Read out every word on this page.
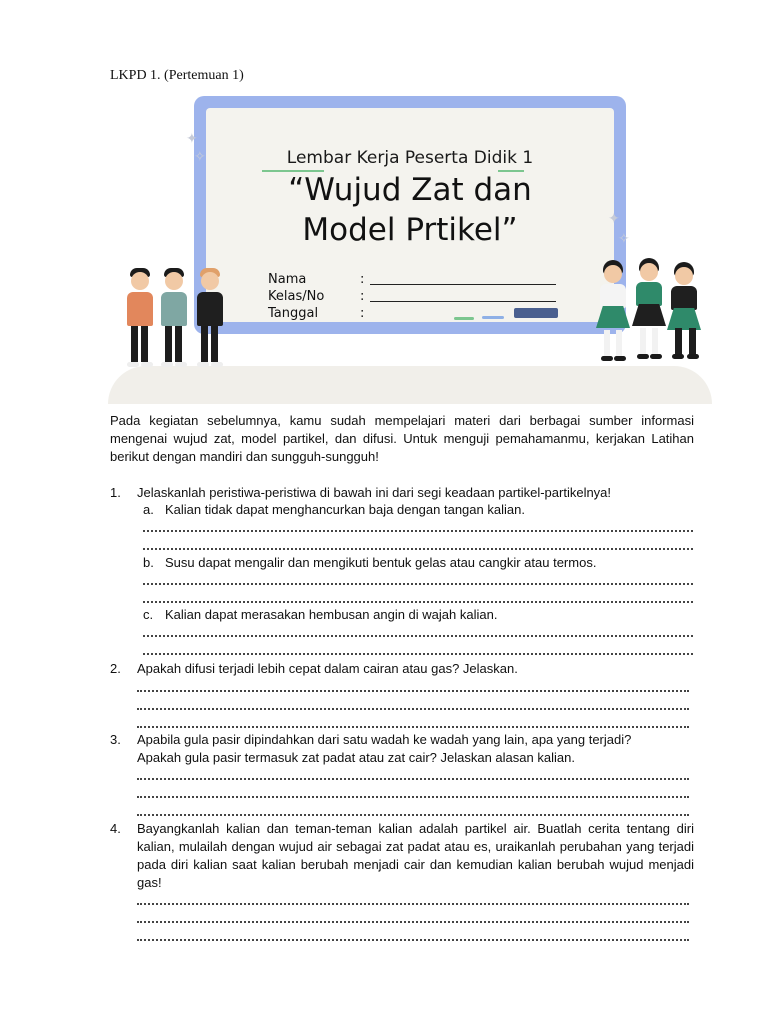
LKPD 1. (Pertemuan 1)
Lembar Kerja Peserta Didik 1
“Wujud Zat dan
Model Prtikel”
Nama	:
Kelas/No	:
Tanggal	:
✦
✧
✦
✧
Pada kegiatan sebelumnya, kamu sudah mempelajari materi dari berbagai sumber informasi mengenai wujud zat, model partikel, dan difusi. Untuk menguji pemahamanmu, kerjakan Latihan berikut dengan mandiri dan sungguh-sungguh!
1. Jelaskanlah peristiwa-peristiwa di bawah ini dari segi keadaan partikel-partikelnya!
a. Kalian tidak dapat menghancurkan baja dengan tangan kalian.
b. Susu dapat mengalir dan mengikuti bentuk gelas atau cangkir atau termos.
c. Kalian dapat merasakan hembusan angin di wajah kalian.
2. Apakah difusi terjadi lebih cepat dalam cairan atau gas? Jelaskan.
3. Apabila gula pasir dipindahkan dari satu wadah ke wadah yang lain, apa yang terjadi?
Apakah gula pasir termasuk zat padat atau zat cair? Jelaskan alasan kalian.
4. Bayangkanlah kalian dan teman-teman kalian adalah partikel air. Buatlah cerita tentang diri kalian, mulailah dengan wujud air sebagai zat padat atau es, uraikanlah perubahan yang terjadi pada diri kalian saat kalian berubah menjadi cair dan kemudian kalian berubah wujud menjadi gas!
